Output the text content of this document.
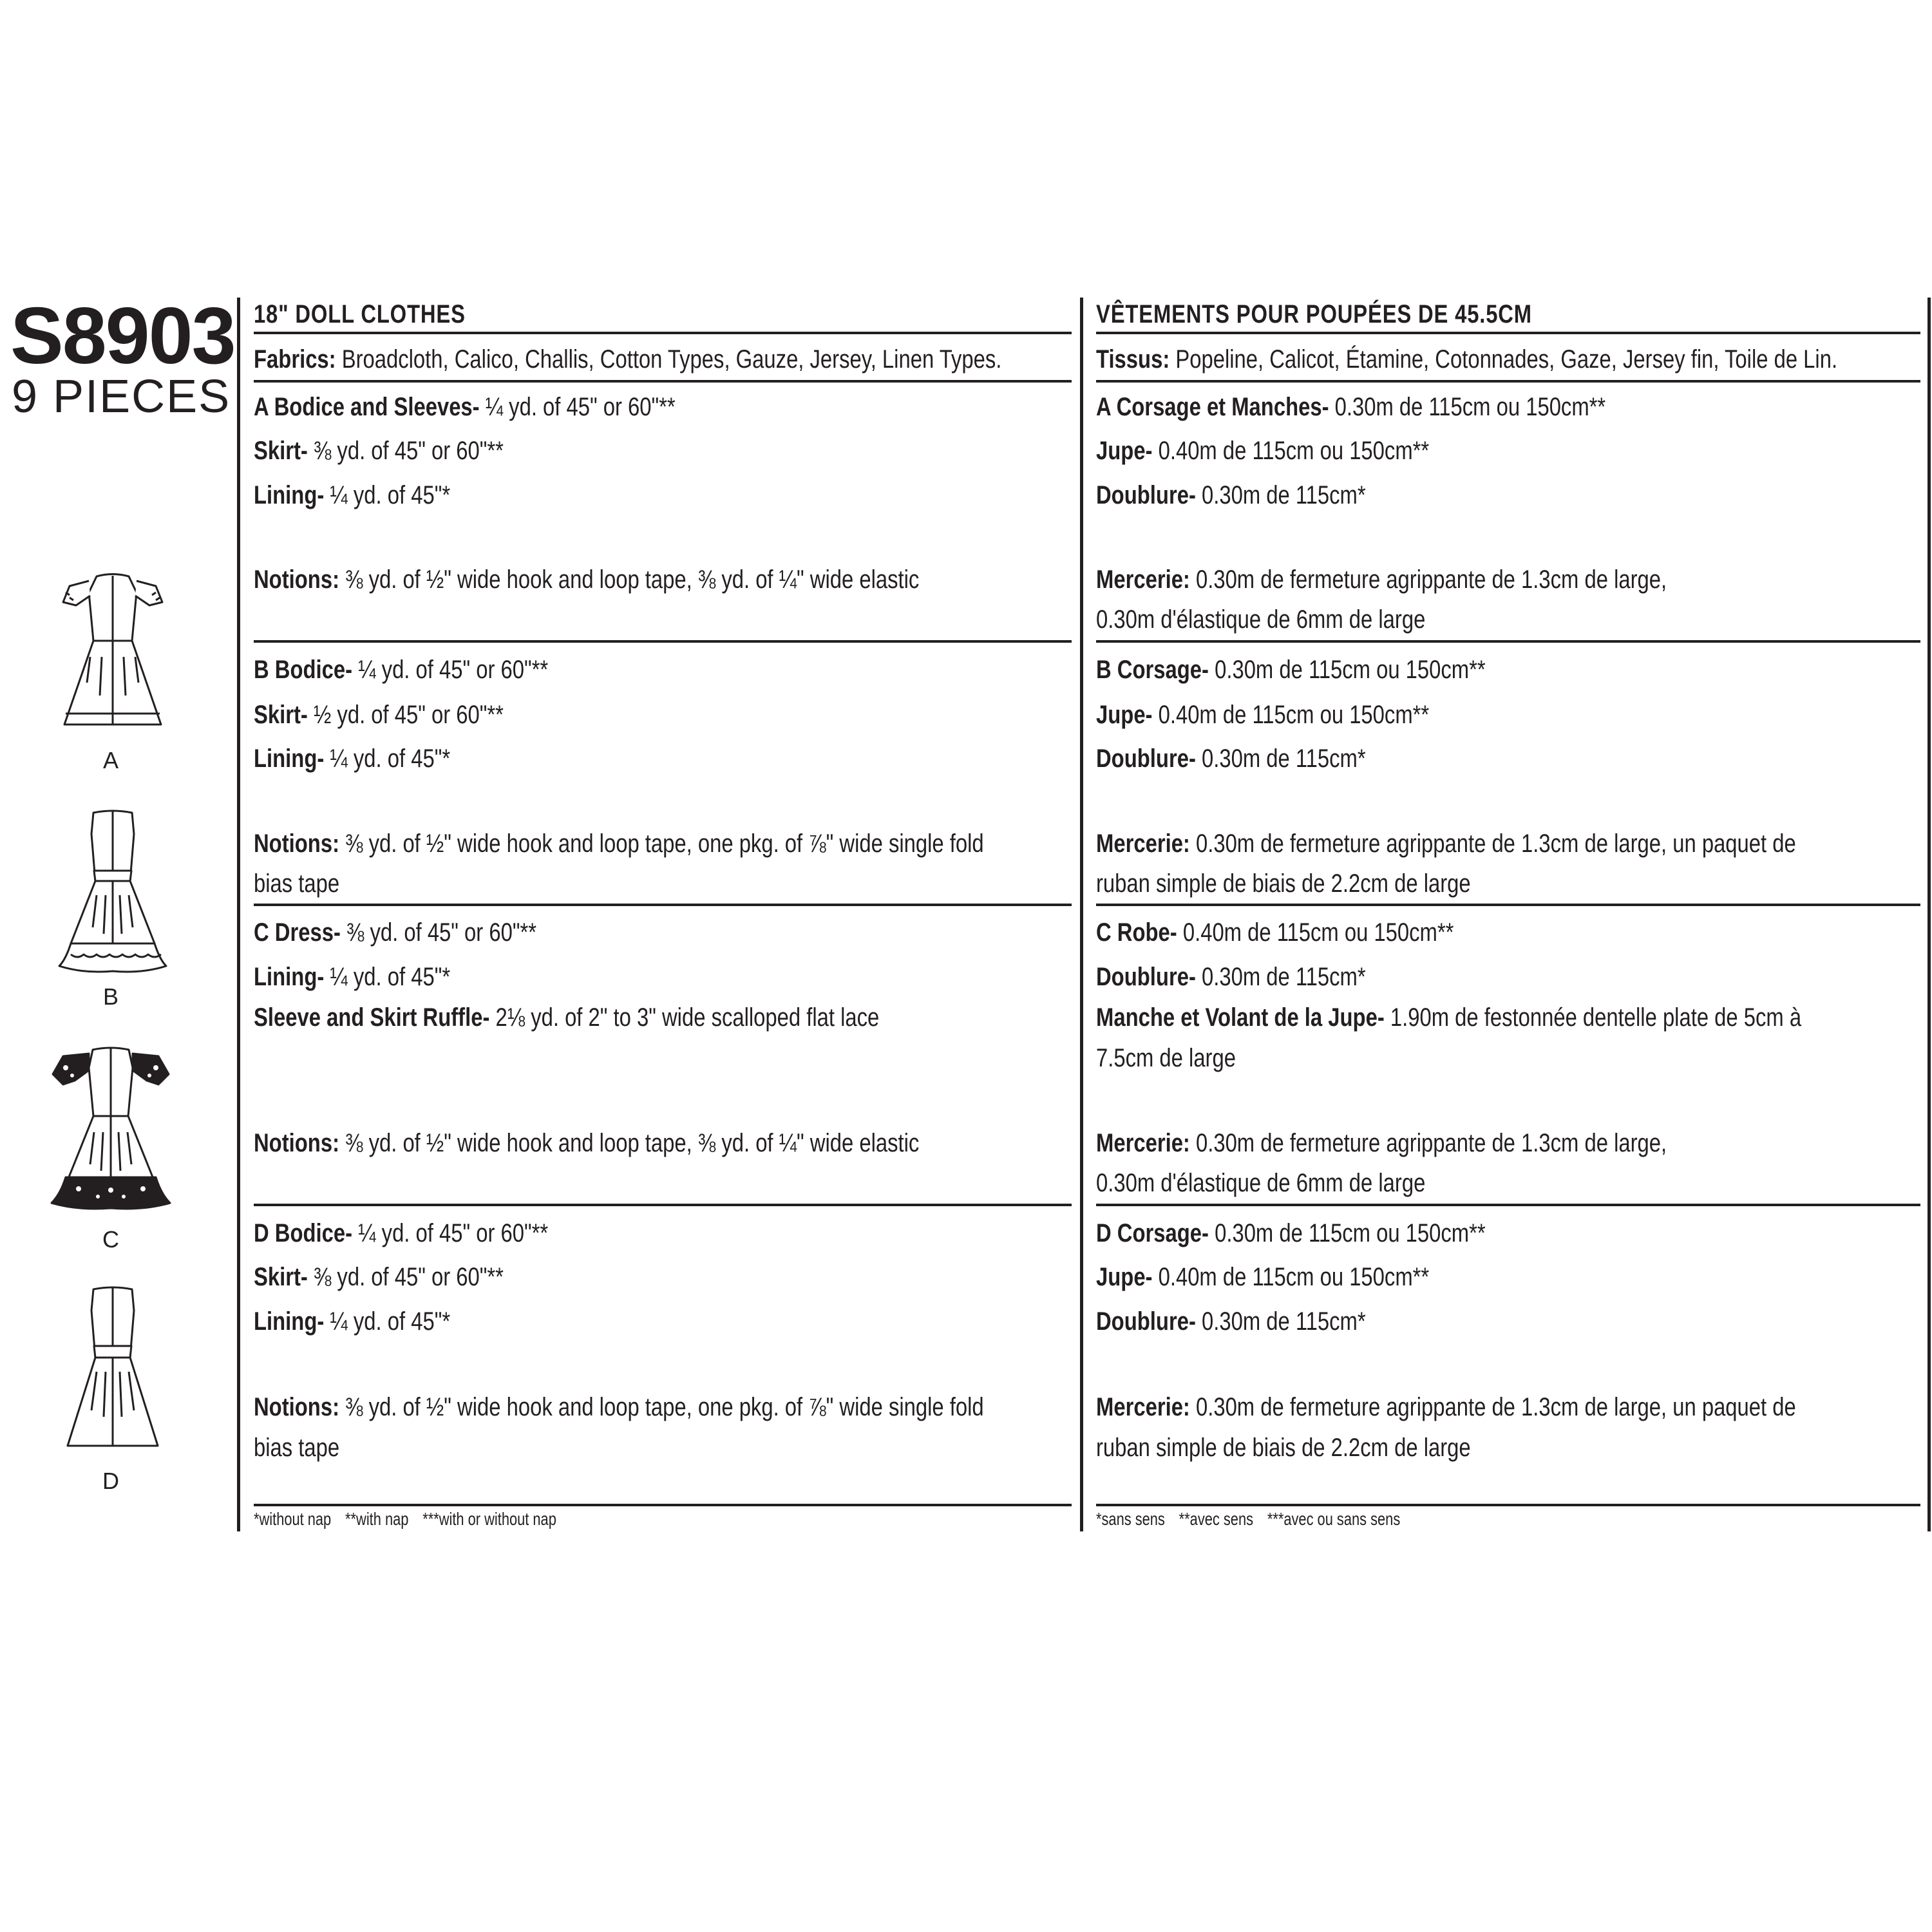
S8903
9 PIECES

18" DOLL CLOTHES

Fabrics: Broadcloth, Calico, Challis, Cotton Types, Gauze, Jersey, Linen Types.

A Bodice and Sleeves- ¼ yd. of 45" or 60"**

Skirt- ⅜ yd. of 45" or 60"**

Lining- ¼ yd. of 45"*

Notions: ⅜ yd. of ½" wide hook and loop tape, ⅜ yd. of ¼" wide elastic

B Bodice- ¼ yd. of 45" or 60"**

Skirt- ½ yd. of 45" or 60"**

Lining- ¼ yd. of 45"*

Notions: ⅜ yd. of ½" wide hook and loop tape, one pkg. of ⅞" wide single fold

bias tape

C Dress- ⅜ yd. of 45" or 60"**

Lining- ¼ yd. of 45"*

Sleeve and Skirt Ruffle- 2⅛ yd. of 2" to 3" wide scalloped flat lace

Notions: ⅜ yd. of ½" wide hook and loop tape, ⅜ yd. of ¼" wide elastic

D Bodice- ¼ yd. of 45" or 60"**

Skirt- ⅜ yd. of 45" or 60"**

Lining- ¼ yd. of 45"*

Notions: ⅜ yd. of ½" wide hook and loop tape, one pkg. of ⅞" wide single fold

bias tape

*without nap **with nap ***with or without nap

VÊTEMENTS POUR POUPÉES DE 45.5CM

Tissus: Popeline, Calicot, Étamine, Cotonnades, Gaze, Jersey fin, Toile de Lin.

A Corsage et Manches- 0.30m de 115cm ou 150cm**

Jupe- 0.40m de 115cm ou 150cm**

Doublure- 0.30m de 115cm*

Mercerie: 0.30m de fermeture agrippante de 1.3cm de large,

0.30m d'élastique de 6mm de large

B Corsage- 0.30m de 115cm ou 150cm**

Jupe- 0.40m de 115cm ou 150cm**

Doublure- 0.30m de 115cm*

Mercerie: 0.30m de fermeture agrippante de 1.3cm de large, un paquet de

ruban simple de biais de 2.2cm de large

C Robe- 0.40m de 115cm ou 150cm**

Doublure- 0.30m de 115cm*

Manche et Volant de la Jupe- 1.90m de festonnée dentelle plate de 5cm à

7.5cm de large

Mercerie: 0.30m de fermeture agrippante de 1.3cm de large,

0.30m d'élastique de 6mm de large

D Corsage- 0.30m de 115cm ou 150cm**

Jupe- 0.40m de 115cm ou 150cm**

Doublure- 0.30m de 115cm*

Mercerie: 0.30m de fermeture agrippante de 1.3cm de large, un paquet de

ruban simple de biais de 2.2cm de large

*sans sens **avec sens ***avec ou sans sens

A
B
C
D
